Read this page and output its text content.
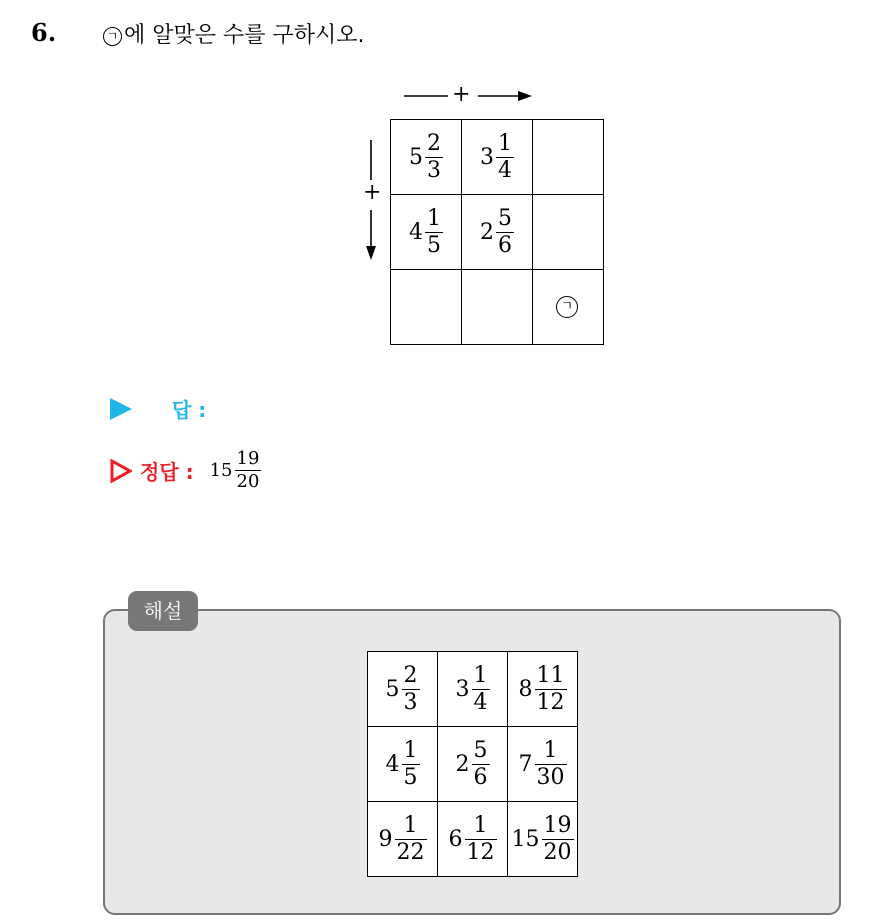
6.	ㄱ 에 알맞은 수를 구하시오.
+
+
$5 \frac{2}{3}$	$3 \frac{1}{4}$

$4 \frac{1}{5}$	$2 \frac{5}{6}$

		ㄱ
답 :
정답 : $15 \frac{19}{20}$
해설
$5 \frac{2}{3}$	$3 \frac{1}{4}$	$8 \frac{11}{12}$

$4 \frac{1}{5}$	$2 \frac{5}{6}$	$7 \frac{1}{30}$

$9 \frac{1}{22}$	$6 \frac{1}{12}$	$15 \frac{19}{20}$
